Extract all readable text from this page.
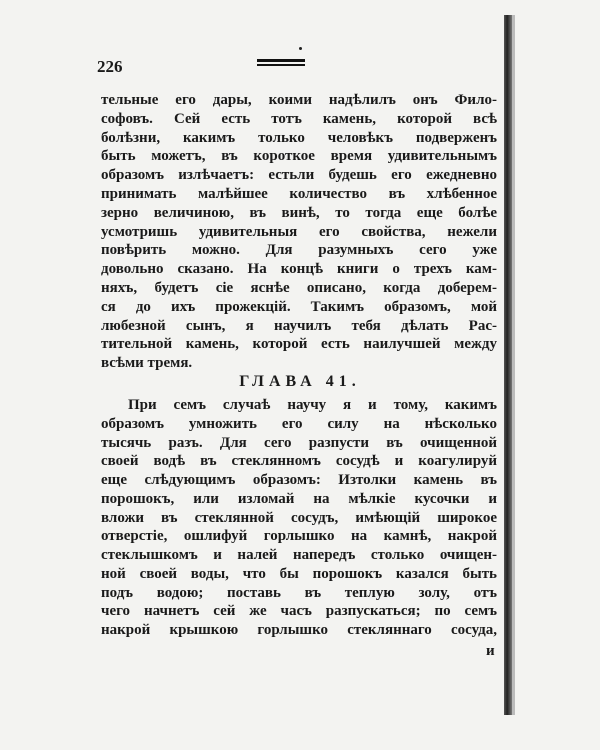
226
тельные его дары, коими надѣлилъ онъ Фило-
софовъ. Сей есть тотъ камень, которой всѣ
болѣзни, какимъ только человѣкъ подверженъ
быть можетъ, въ короткое время удивительнымъ
образомъ излѣчаетъ: естьли будешь его ежедневно
принимать малѣйшее количество въ хлѣбенное
зерно величиною, въ винѣ, то тогда еще болѣе
усмотришь удивительныя его свойства, нежели
повѣрить можно. Для разумныхъ сего уже
довольно сказано. На концѣ книги о трехъ кам-
няхъ, будетъ сіе яснѣе описано, когда доберем-
ся до ихъ прожекцій. Такимъ образомъ, мой
любезной сынъ, я научилъ тебя дѣлать Рас-
тительной камень, которой есть наилучшей между
всѣми тремя.
ГЛАВА 41.
При семъ случаѣ научу я и тому, какимъ
образомъ умножить его силу на нѣсколько
тысячь разъ. Для сего разпусти въ очищенной
своей водѣ въ стеклянномъ сосудѣ и коагулируй
еще слѣдующимъ образомъ: Изтолки камень въ
порошокъ, или изломай на мѣлкіе кусочки и
вложи въ стеклянной сосудъ, имѣющій широкое
отверстіе, ошлифуй горлышко на камнѣ, накрой
стеклышкомъ и налей напередъ столько очищен-
ной своей воды, что бы порошокъ казался быть
подъ водою; поставь въ теплую золу, отъ
чего начнетъ сей же часъ разпускаться; по семъ
накрой крышкою горлышко стекляннаго сосуда,
и
